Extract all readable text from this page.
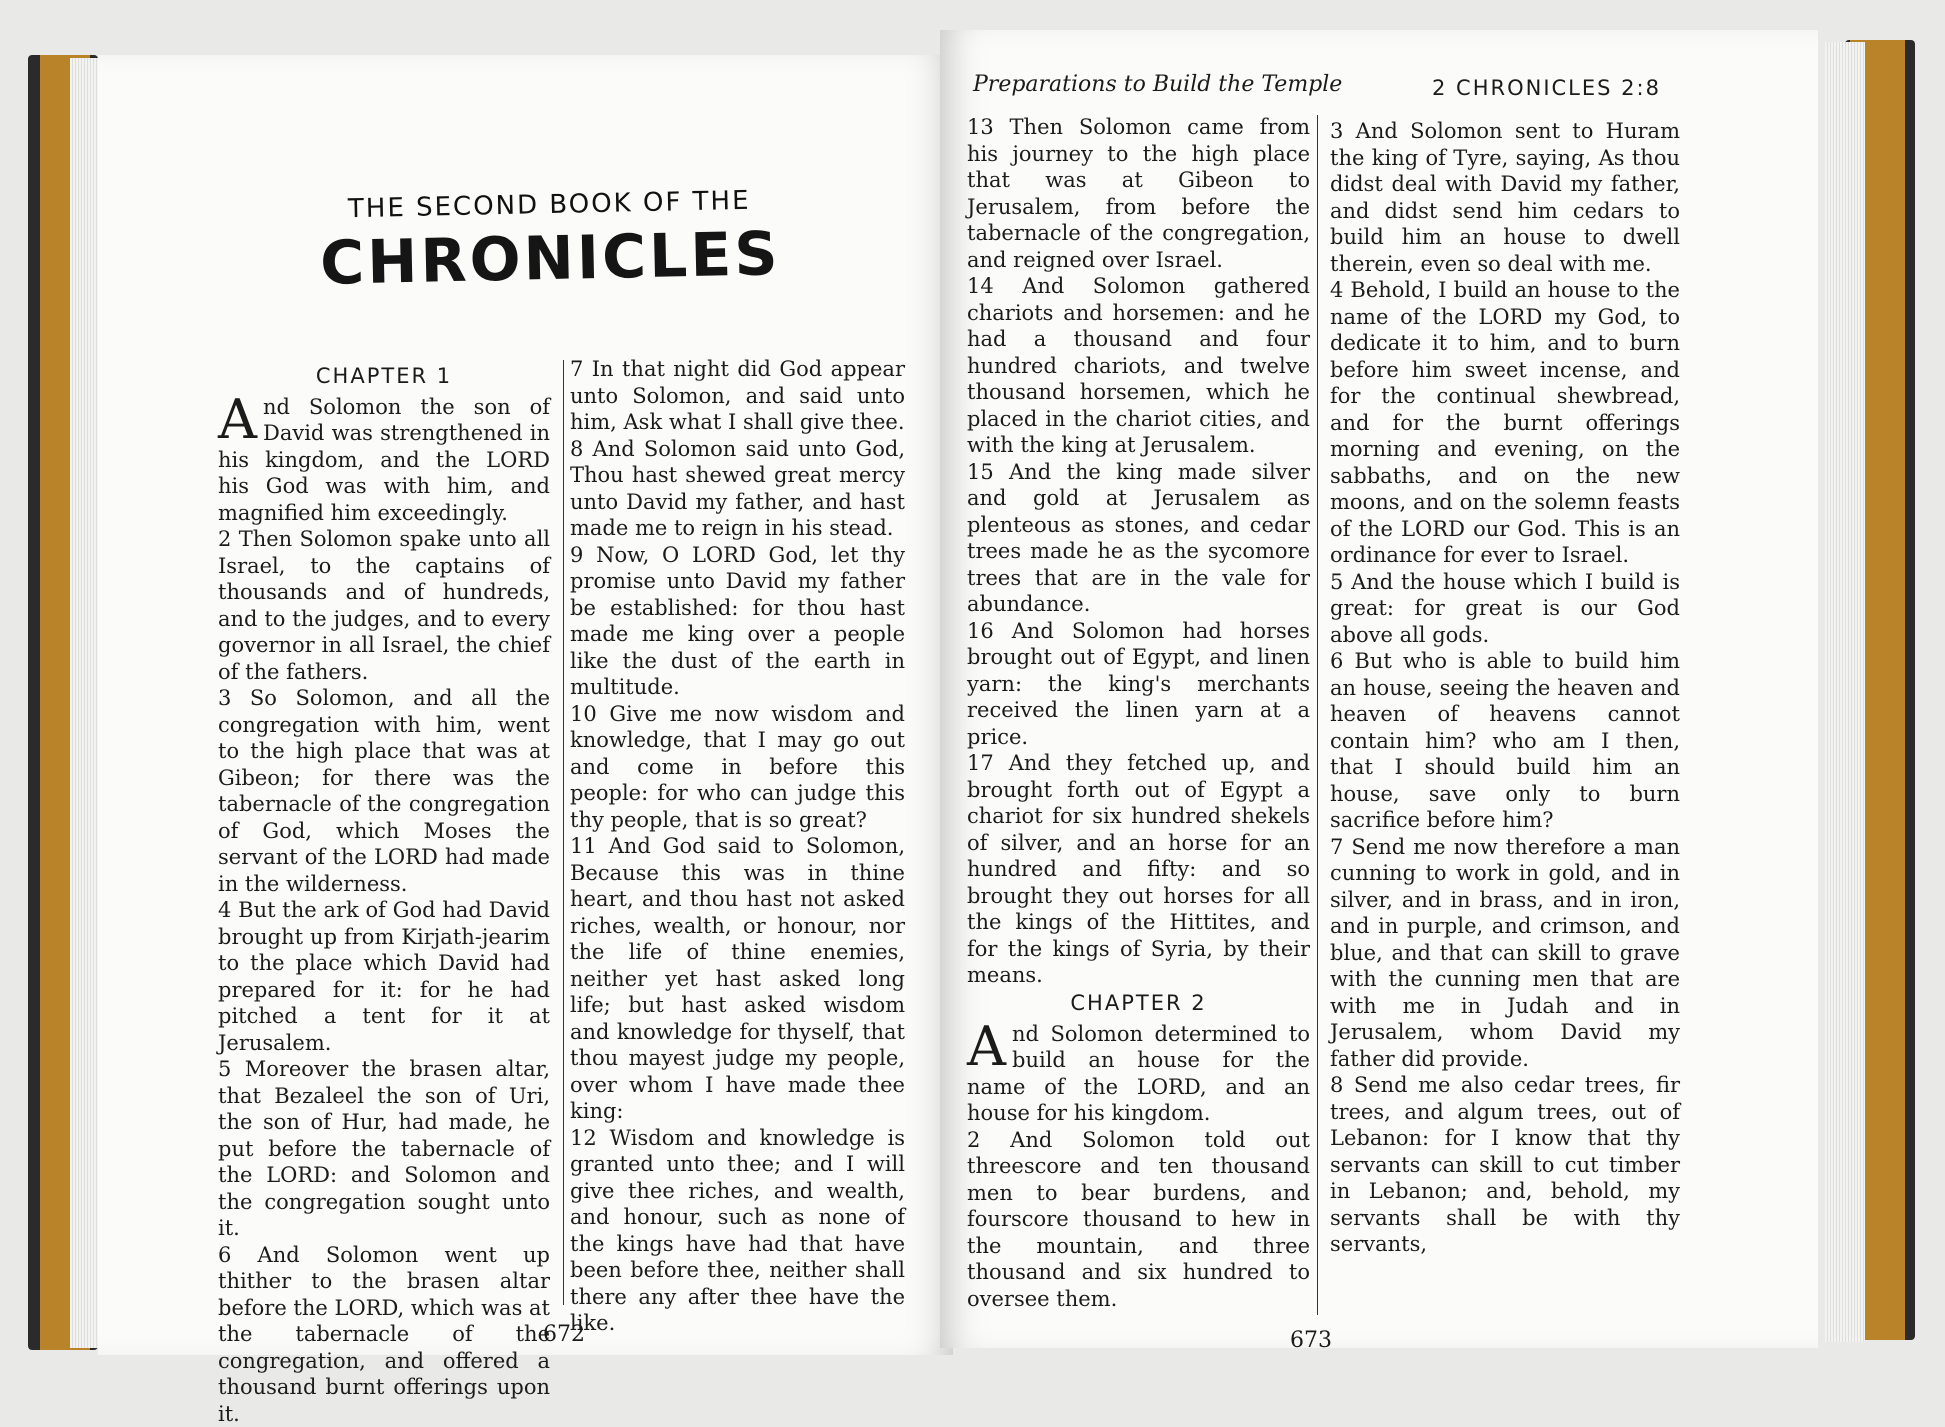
THE SECOND BOOK OF THE
CHRONICLES
CHAPTER 1

And Solomon the son of David was strengthened in his kingdom, and the LORD his God was with him, and magnified him exceedingly.

2 Then Solomon spake unto all Israel, to the captains of thousands and of hundreds, and to the judges, and to every governor in all Israel, the chief of the fathers.

3 So Solomon, and all the congregation with him, went to the high place that was at Gibeon; for there was the tabernacle of the congregation of God, which Moses the servant of the LORD had made in the wilderness.

4 But the ark of God had David brought up from Kirjath-jearim to the place which David had prepared for it: for he had pitched a tent for it at Jerusalem.

5 Moreover the brasen altar, that Bezaleel the son of Uri, the son of Hur, had made, he put before the tabernacle of the LORD: and Solomon and the congregation sought unto it.

6 And Solomon went up thither to the brasen altar before the LORD, which was at the tabernacle of the congregation, and offered a thousand burnt offerings upon it.

7 In that night did God appear unto Solomon, and said unto him, Ask what I shall give thee.

8 And Solomon said unto God, Thou hast shewed great mercy unto David my father, and hast made me to reign in his stead.

9 Now, O LORD God, let thy promise unto David my father be established: for thou hast made me king over a people like the dust of the earth in multitude.

10 Give me now wisdom and knowledge, that I may go out and come in before this people: for who can judge this thy people, that is so great?

11 And God said to Solomon, Because this was in thine heart, and thou hast not asked riches, wealth, or honour, nor the life of thine enemies, neither yet hast asked long life; but hast asked wisdom and knowledge for thyself, that thou mayest judge my people, over whom I have made thee king:

12 Wisdom and knowledge is granted unto thee; and I will give thee riches, and wealth, and honour, such as none of the kings have had that have been before thee, neither shall there any after thee have the like.

672
Preparations to Build the Temple	2 CHRONICLES 2:8

13 Then Solomon came from his journey to the high place that was at Gibeon to Jerusalem, from before the tabernacle of the congregation, and reigned over Israel.

14 And Solomon gathered chariots and horsemen: and he had a thousand and four hundred chariots, and twelve thousand horsemen, which he placed in the chariot cities, and with the king at Jerusalem.

15 And the king made silver and gold at Jerusalem as plenteous as stones, and cedar trees made he as the sycomore trees that are in the vale for abundance.

16 And Solomon had horses brought out of Egypt, and linen yarn: the king's merchants received the linen yarn at a price.

17 And they fetched up, and brought forth out of Egypt a chariot for six hundred shekels of silver, and an horse for an hundred and fifty: and so brought they out horses for all the kings of the Hittites, and for the kings of Syria, by their means.

CHAPTER 2

And Solomon determined to build an house for the name of the LORD, and an house for his kingdom.

2 And Solomon told out threescore and ten thousand men to bear burdens, and fourscore thousand to hew in the mountain, and three thousand and six hundred to oversee them.

3 And Solomon sent to Huram the king of Tyre, saying, As thou didst deal with David my father, and didst send him cedars to build him an house to dwell therein, even so deal with me.

4 Behold, I build an house to the name of the LORD my God, to dedicate it to him, and to burn before him sweet incense, and for the continual shewbread, and for the burnt offerings morning and evening, on the sabbaths, and on the new moons, and on the solemn feasts of the LORD our God. This is an ordinance for ever to Israel.

5 And the house which I build is great: for great is our God above all gods.

6 But who is able to build him an house, seeing the heaven and heaven of heavens cannot contain him? who am I then, that I should build him an house, save only to burn sacrifice before him?

7 Send me now therefore a man cunning to work in gold, and in silver, and in brass, and in iron, and in purple, and crimson, and blue, and that can skill to grave with the cunning men that are with me in Judah and in Jerusalem, whom David my father did provide.

8 Send me also cedar trees, fir trees, and algum trees, out of Lebanon: for I know that thy servants can skill to cut timber in Lebanon; and, behold, my servants shall be with thy servants,

673
